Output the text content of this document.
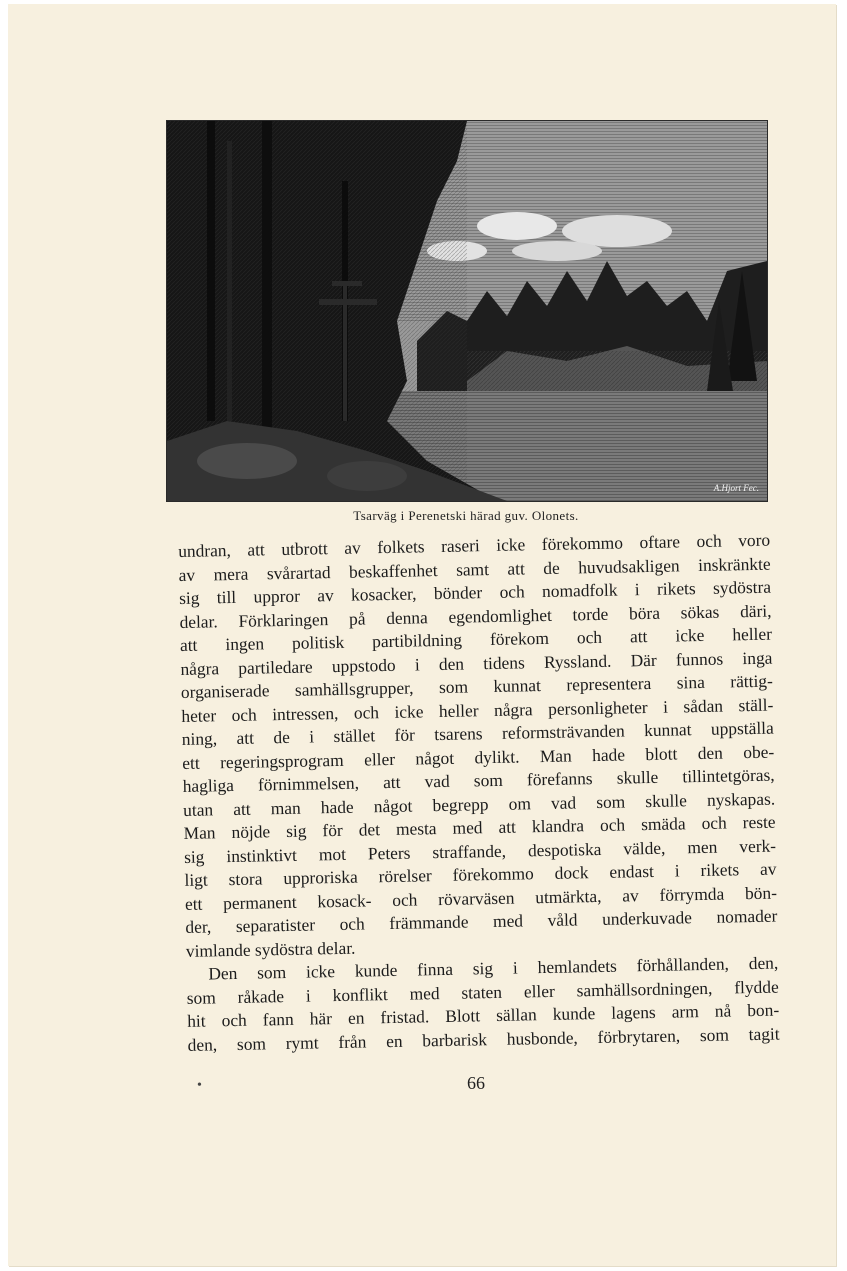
A.Hjort Fec.
Tsarväg i Perenetski härad guv. Olonets.

undran, att utbrott av folkets raseri icke förekommo oftare och voro
av mera svårartad beskaffenhet samt att de huvudsakligen inskränkte
sig till uppror av kosacker, bönder och nomadfolk i rikets sydöstra
delar. Förklaringen på denna egendomlighet torde böra sökas däri,
att ingen politisk partibildning förekom och att icke heller
några partiledare uppstodo i den tidens Ryssland. Där funnos inga
organiserade samhällsgrupper, som kunnat representera sina rättig-
heter och intressen, och icke heller några personligheter i sådan ställ-
ning, att de i stället för tsarens reformsträvanden kunnat uppställa
ett regeringsprogram eller något dylikt. Man hade blott den obe-
hagliga förnimmelsen, att vad som förefanns skulle tillintetgöras,
utan att man hade något begrepp om vad som skulle nyskapas.
Man nöjde sig för det mesta med att klandra och smäda och reste
sig instinktivt mot Peters straffande, despotiska välde, men verk-
ligt stora upproriska rörelser förekommo dock endast i rikets av
ett permanent kosack- och rövarväsen utmärkta, av förrymda bön-
der, separatister och främmande med våld underkuvade nomader
vimlande sydöstra delar.

Den som icke kunde finna sig i hemlandets förhållanden, den,
som råkade i konflikt med staten eller samhällsordningen, flydde
hit och fann här en fristad. Blott sällan kunde lagens arm nå bon-
den, som rymt från en barbarisk husbonde, förbrytaren, som tagit

•	66
